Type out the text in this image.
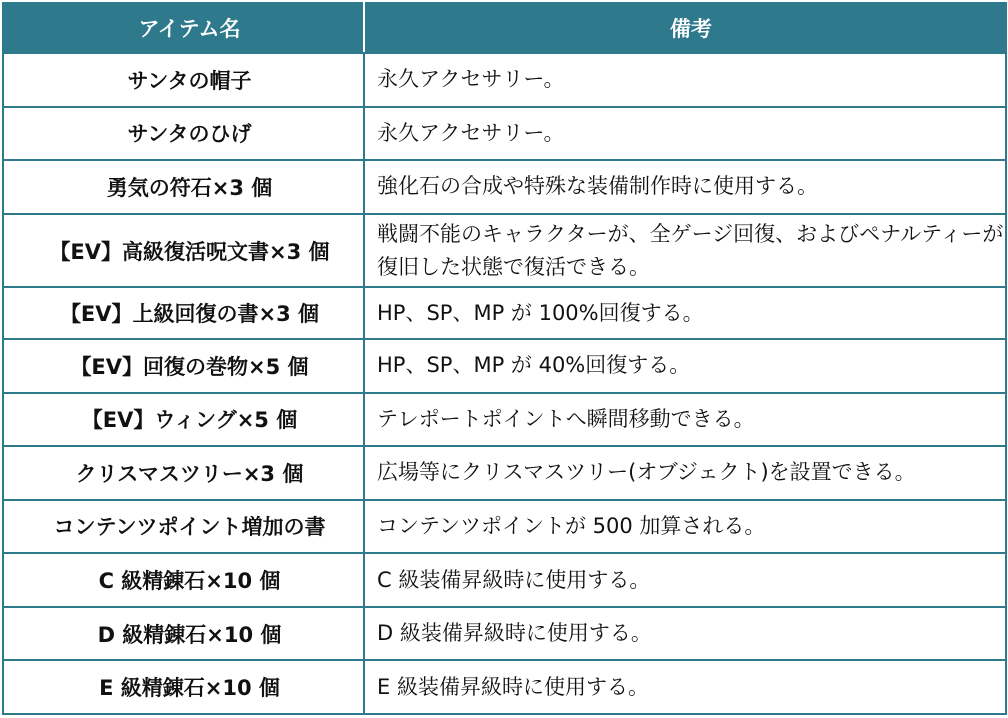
アイテム名	備考
サンタの帽子	永久アクセサリー。
サンタのひげ	永久アクセサリー。
勇気の符石×3 個	強化石の合成や特殊な装備制作時に使用する。
【EV】高級復活呪文書×3 個	戦闘不能のキャラクターが、全ゲージ回復、およびペナルティーが復旧した状態で復活できる。
【EV】上級回復の書×3 個	HP、SP、MP が 100%回復する。
【EV】回復の巻物×5 個	HP、SP、MP が 40%回復する。
【EV】ウィング×5 個	テレポートポイントへ瞬間移動できる。
クリスマスツリー×3 個	広場等にクリスマスツリー(オブジェクト)を設置できる。
コンテンツポイント増加の書	コンテンツポイントが 500 加算される。
C 級精錬石×10 個	C 級装備昇級時に使用する。
D 級精錬石×10 個	D 級装備昇級時に使用する。
E 級精錬石×10 個	E 級装備昇級時に使用する。
